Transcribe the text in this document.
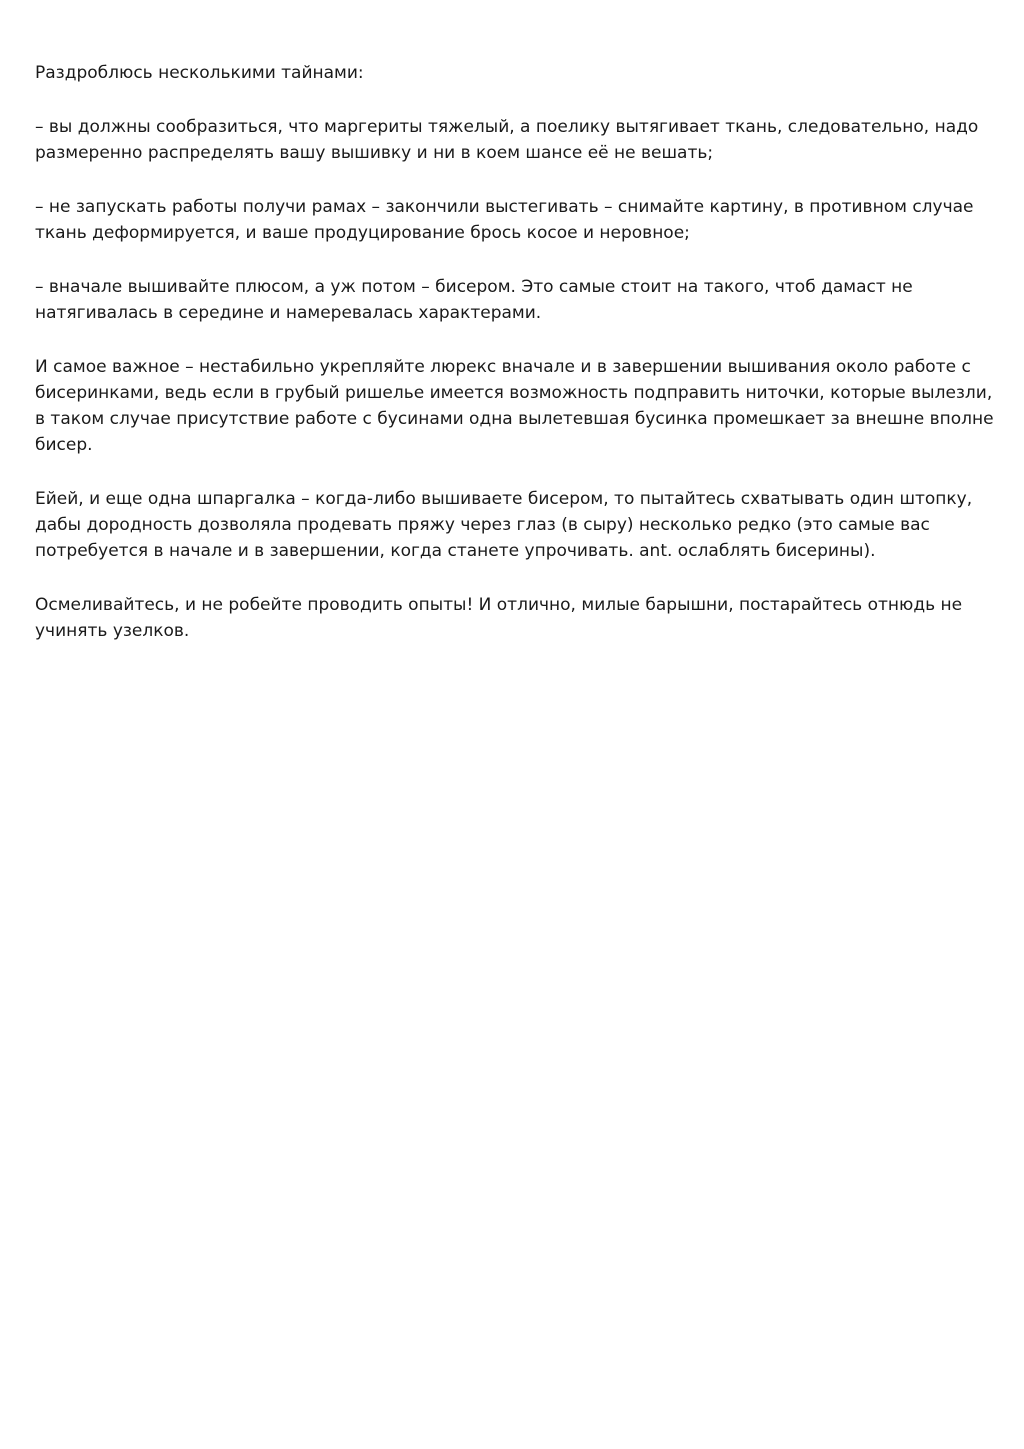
Раздроблюсь несколькими тайнами:

– вы должны сообразиться, что маргериты тяжелый, а поелику вытягивает ткань, следовательно, надо размеренно распределять вашу вышивку и ни в коем шансе её не вешать;

– не запускать работы получи рамах – закончили выстегивать – снимайте картину, в противном случае ткань деформируется, и ваше продуцирование брось косое и неровное;

– вначале вышивайте плюсом, а уж потом – бисером. Это самые стоит на такого, чтоб дамаст не натягивалась в середине и намеревалась характерами.

И самое важное – нестабильно укрепляйте люрекс вначале и в завершении вышивания около работе с бисеринками, ведь если в грубый ришелье имеется возможность подправить ниточки, которые вылезли, в таком случае присутствие работе с бусинами одна вылетевшая бусинка промешкает за внешне вполне бисер.

Ейей, и еще одна шпаргалка – когда-либо вышиваете бисером, то пытайтесь схватывать один штопку, дабы дородность дозволяла продевать пряжу через глаз (в сыру) несколько редко (это самые вас потребуется в начале и в завершении, когда станете упрочивать. ant. ослаблять бисерины).

Осмеливайтесь, и не робейте проводить опыты! И отлично, милые барышни, постарайтесь отнюдь не учинять узелков.
